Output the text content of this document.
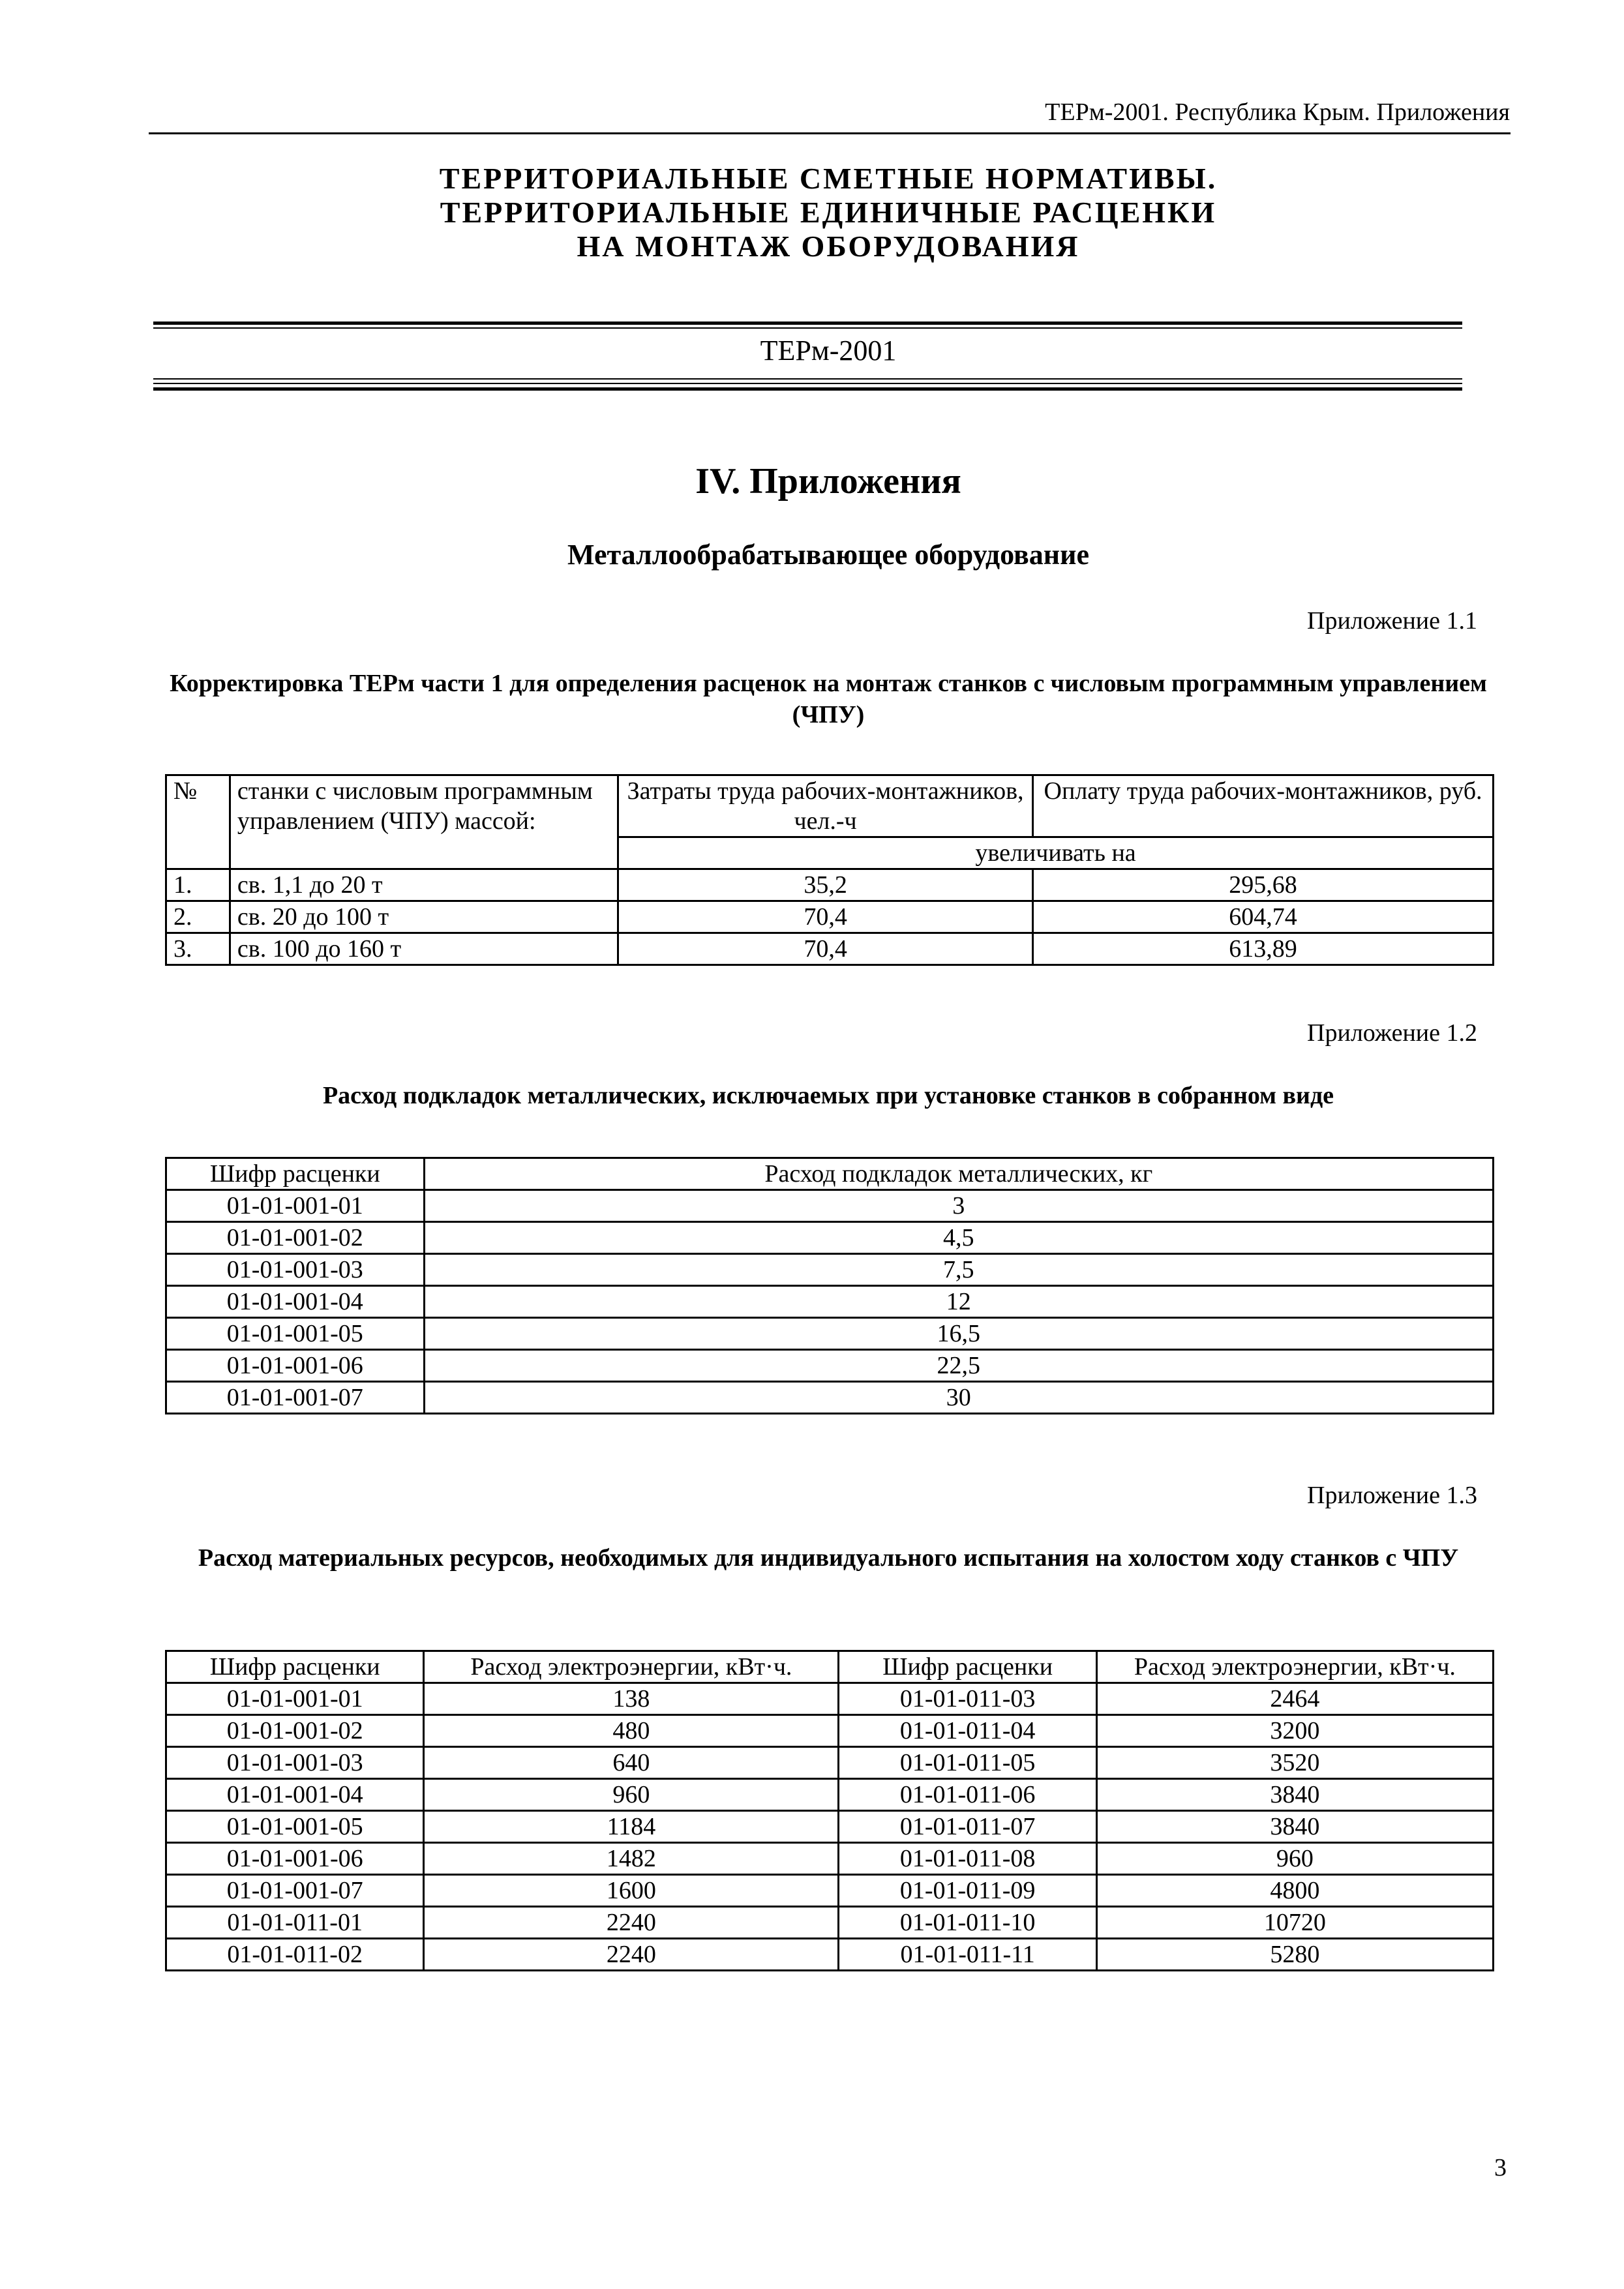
ТЕРм-2001. Республика Крым. Приложения
ТЕРРИТОРИАЛЬНЫЕ СМЕТНЫЕ НОРМАТИВЫ.
ТЕРРИТОРИАЛЬНЫЕ ЕДИНИЧНЫЕ РАСЦЕНКИ
НА МОНТАЖ ОБОРУДОВАНИЯ
ТЕРм-2001
IV. Приложения
Металлообрабатывающее оборудование
Приложение 1.1
Корректировка ТЕРм части 1 для определения расценок на монтаж станков с числовым программным управлением (ЧПУ)
№	станки с числовым программным управлением (ЧПУ) массой:	Затраты труда рабочих-монтажников, чел.-ч	Оплату труда рабочих-монтажников, руб.
		увеличивать на	
1.	св. 1,1 до 20 т	35,2	295,68
2.	св. 20 до 100 т	70,4	604,74
3.	св. 100 до 160 т	70,4	613,89
Приложение 1.2
Расход подкладок металлических, исключаемых при установке станков в собранном виде
Шифр расценки	Расход подкладок металлических, кг
01-01-001-01	3
01-01-001-02	4,5
01-01-001-03	7,5
01-01-001-04	12
01-01-001-05	16,5
01-01-001-06	22,5
01-01-001-07	30
Приложение 1.3
Расход материальных ресурсов, необходимых для индивидуального испытания на холостом ходу станков с ЧПУ
Шифр расценки	Расход электроэнергии, кВт·ч.	Шифр расценки	Расход электроэнергии, кВт·ч.
01-01-001-01	138	01-01-011-03	2464
01-01-001-02	480	01-01-011-04	3200
01-01-001-03	640	01-01-011-05	3520
01-01-001-04	960	01-01-011-06	3840
01-01-001-05	1184	01-01-011-07	3840
01-01-001-06	1482	01-01-011-08	960
01-01-001-07	1600	01-01-011-09	4800
01-01-011-01	2240	01-01-011-10	10720
01-01-011-02	2240	01-01-011-11	5280
3
